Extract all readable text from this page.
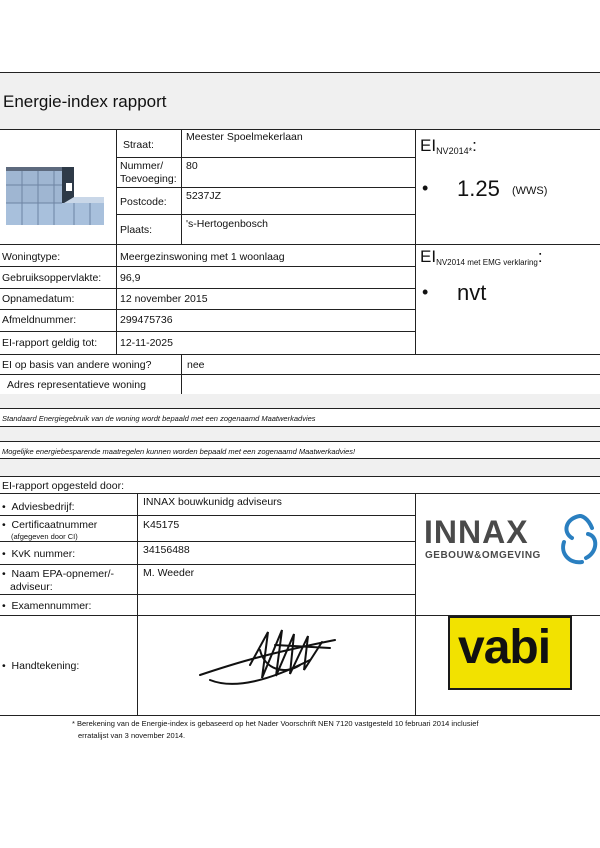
Energie-index rapport
Straat:
Meester Spoelmekerlaan
Nummer/
Toevoeging:
80
Postcode: 5237JZ
Plaats:	's-Hertogenbosch
$EI_{NV2014*}$:
• 1.25 (WWS)
$EI_{NV2014 met EMG verklaring}$:
• nvt
Woningtype:	Meergezinswoning met 1 woonlaag
Gebruiksoppervlakte: 96,9
Opnamedatum:	12 november 2015
Afmeldnummer:	299475736
EI-rapport geldig tot: 12-11-2025
EI op basis van andere woning?	nee
Adres representatieve woning
Standaard Energiegebruik van de woning wordt bepaald met een zogenaamd Maatwerkadvies
Mogelijke energiebesparende maatregelen kunnen worden bepaald met een zogenaamd Maatwerkadvies!
EI-rapport opgesteld door:
• Adviesbedrijf:	INNAX bouwkunidg adviseurs
• Certificaatnummer
(afgegeven door CI)
K45175
• KvK nummer:	34156488
• Naam EPA-opnemer/-
adviseur:
M. Weeder
• Examennummer:
• Handtekening:
INNAX
GEBOUW&OMGEVING
vabi
* Berekening van de Energie-index is gebaseerd op het Nader Voorschrift NEN 7120 vastgesteld 10 februari 2014 inclusief
erratalijst van 3 november 2014.
